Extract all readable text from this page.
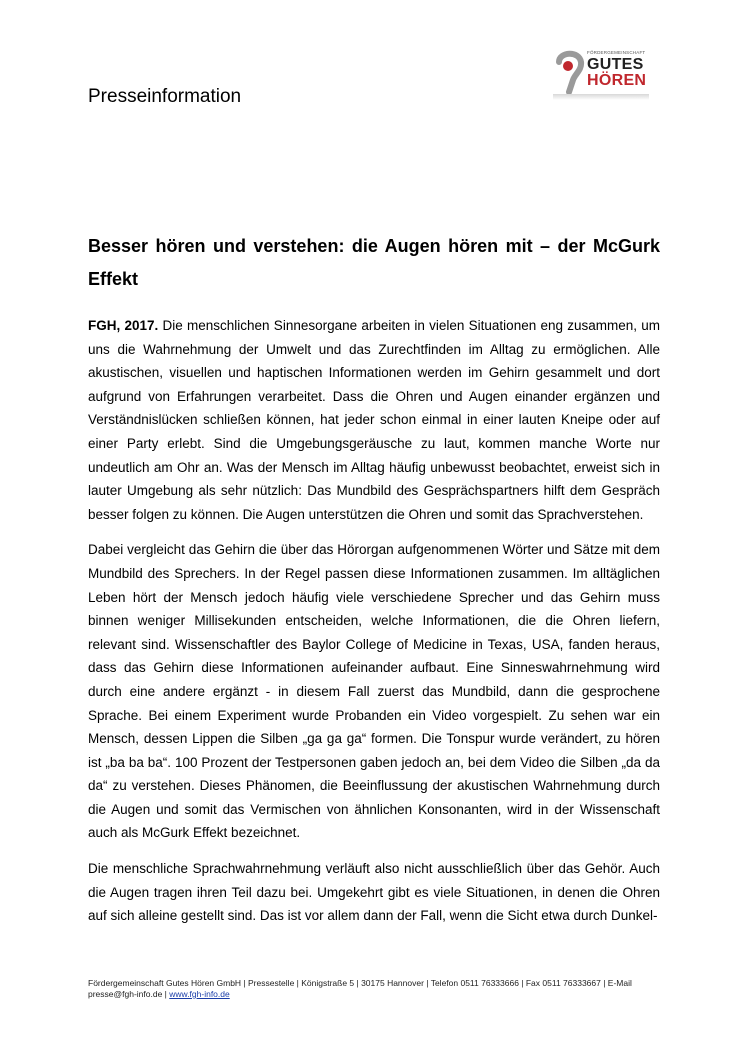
Presseinformation
FÖRDERGEMEINSCHAFT
GUTES
HÖREN
Besser hören und verstehen: die Augen hören mit – der McGurk Effekt

FGH, 2017. Die menschlichen Sinnesorgane arbeiten in vielen Situationen eng zusammen, um uns die Wahrnehmung der Umwelt und das Zurechtfinden im Alltag zu ermöglichen. Alle akustischen, visuellen und haptischen Informationen werden im Gehirn gesammelt und dort aufgrund von Erfahrungen verarbeitet. Dass die Ohren und Augen einander ergänzen und Verständnislücken schließen können, hat jeder schon einmal in einer lauten Kneipe oder auf einer Party erlebt. Sind die Umgebungsgeräusche zu laut, kommen manche Worte nur undeutlich am Ohr an. Was der Mensch im Alltag häufig unbewusst beobachtet, erweist sich in lauter Umgebung als sehr nützlich: Das Mundbild des Gesprächspartners hilft dem Gespräch besser folgen zu können. Die Augen unterstützen die Ohren und somit das Sprachverstehen.

Dabei vergleicht das Gehirn die über das Hörorgan aufgenommenen Wörter und Sätze mit dem Mundbild des Sprechers. In der Regel passen diese Informationen zusammen. Im alltäglichen Leben hört der Mensch jedoch häufig viele verschiedene Sprecher und das Gehirn muss binnen weniger Millisekunden entscheiden, welche Informationen, die die Ohren liefern, relevant sind. Wissenschaftler des Baylor College of Medicine in Texas, USA, fanden heraus, dass das Gehirn diese Informationen aufeinander aufbaut. Eine Sinneswahrnehmung wird durch eine andere ergänzt - in diesem Fall zuerst das Mundbild, dann die gesprochene Sprache. Bei einem Experiment wurde Probanden ein Video vorgespielt. Zu sehen war ein Mensch, dessen Lippen die Silben „ga ga ga“ formen. Die Tonspur wurde verändert, zu hören ist „ba ba ba“. 100 Prozent der Testpersonen gaben jedoch an, bei dem Video die Silben „da da da“ zu verstehen. Dieses Phänomen, die Beeinflussung der akustischen Wahrnehmung durch die Augen und somit das Vermischen von ähnlichen Konsonanten, wird in der Wissenschaft auch als McGurk Effekt bezeichnet.

Die menschliche Sprachwahrnehmung verläuft also nicht ausschließlich über das Gehör. Auch die Augen tragen ihren Teil dazu bei. Umgekehrt gibt es viele Situationen, in denen die Ohren auf sich alleine gestellt sind. Das ist vor allem dann der Fall, wenn die Sicht etwa durch Dunkel-

Fördergemeinschaft Gutes Hören GmbH | Pressestelle | Königstraße 5 | 30175 Hannover | Telefon 0511 76333666 | Fax 0511 76333667 | E-Mail presse@fgh-info.de | www.fgh-info.de
